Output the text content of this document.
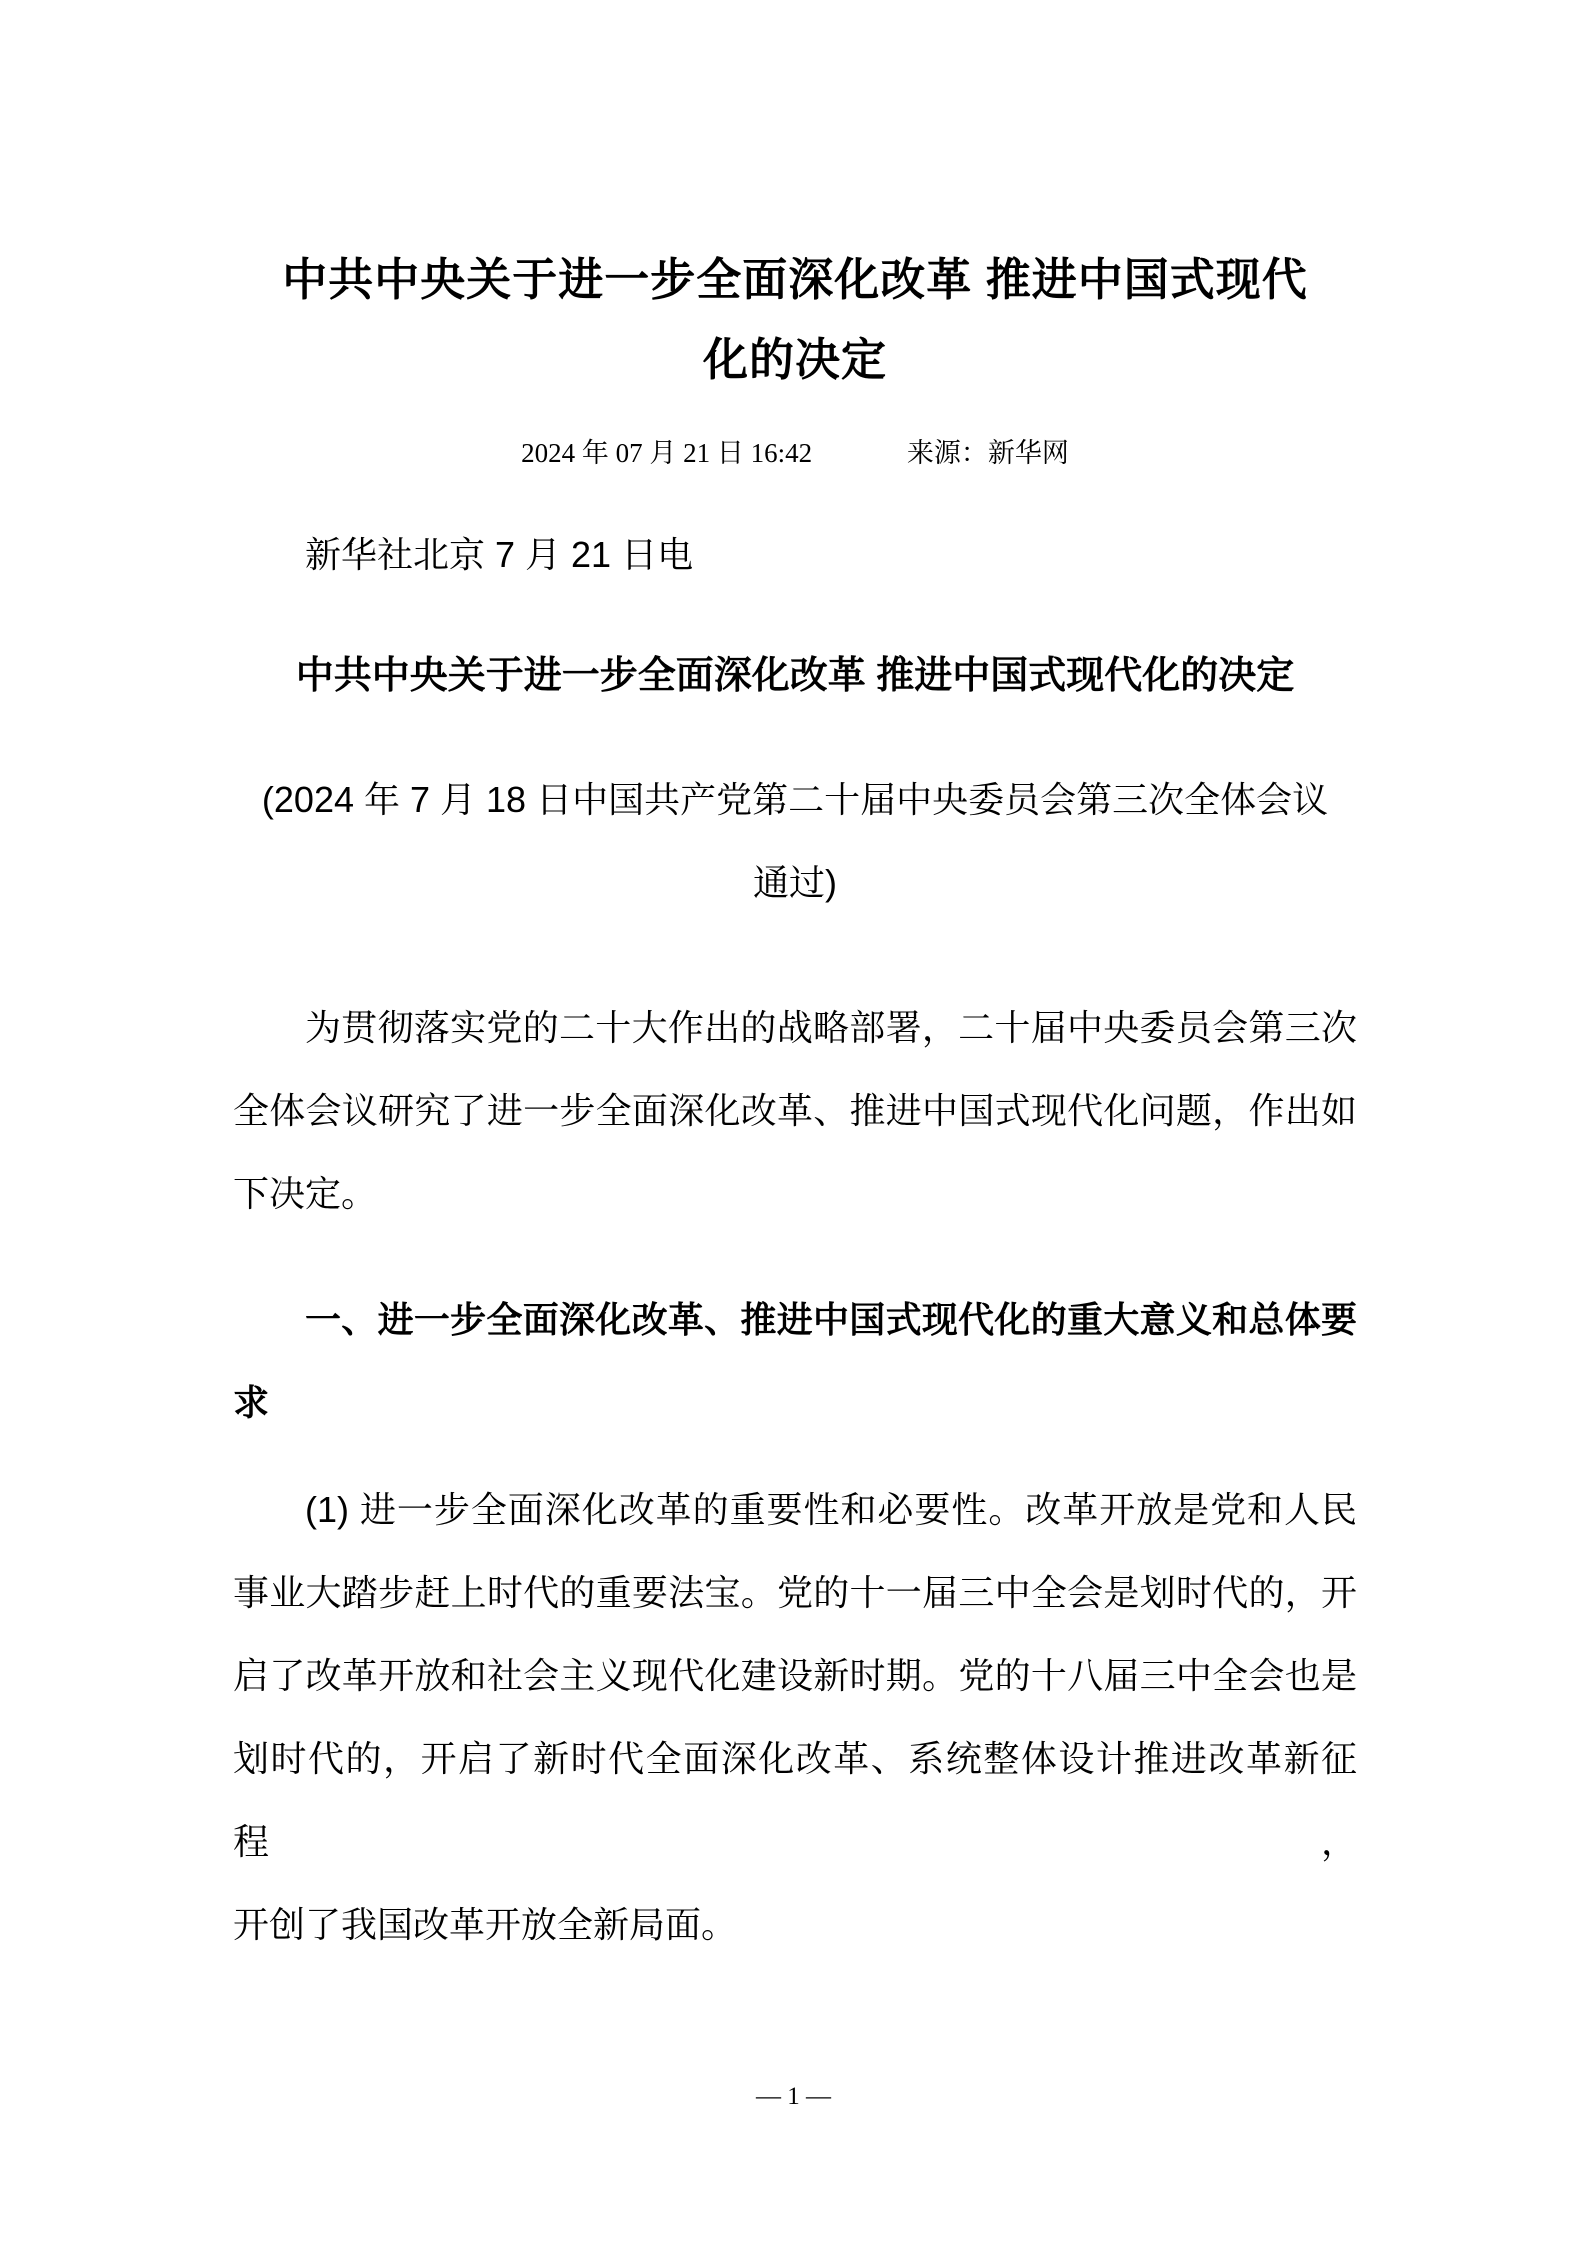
中共中央关于进一步全面深化改革 推进中国式现代
化的决定
2024 年 07 月 21 日 16:42	来源：新华网
新华社北京 7 月 21 日电
中共中央关于进一步全面深化改革 推进中国式现代化的决定
(2024 年 7 月 18 日中国共产党第二十届中央委员会第三次全体会议
通过)
为贯彻落实党的二十大作出的战略部署，二十届中央委员会第三次
全体会议研究了进一步全面深化改革、推进中国式现代化问题，作出如
下决定。
一、进一步全面深化改革、推进中国式现代化的重大意义和总体要
求
(1) 进一步全面深化改革的重要性和必要性。改革开放是党和人民
事业大踏步赶上时代的重要法宝。党的十一届三中全会是划时代的，开
启了改革开放和社会主义现代化建设新时期。党的十八届三中全会也是
划时代的，开启了新时代全面深化改革、系统整体设计推进改革新征程，
开创了我国改革开放全新局面。
— 1 —
